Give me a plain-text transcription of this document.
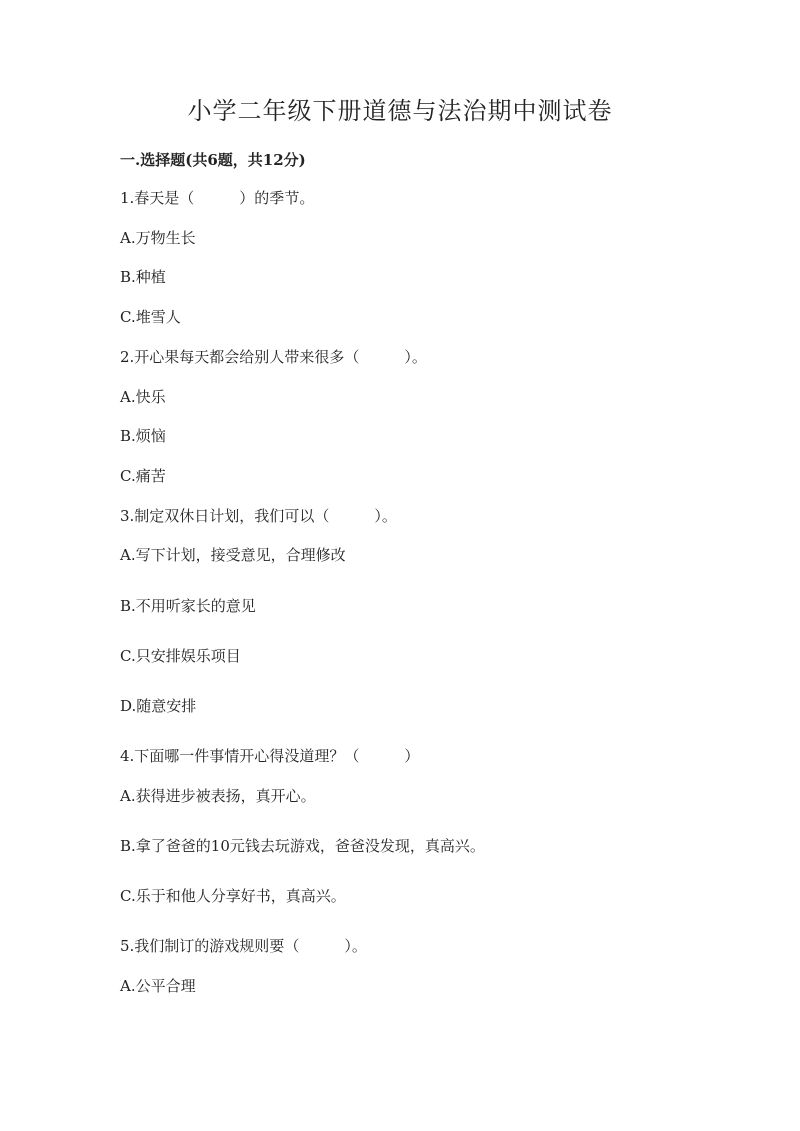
小学二年级下册道德与法治期中测试卷
一.选择题(共6题，共12分)
1.春天是（　　　）的季节。
A.万物生长
B.种植
C.堆雪人
2.开心果每天都会给别人带来很多（　　　）。
A.快乐
B.烦恼
C.痛苦
3.制定双休日计划，我们可以（　　　）。
A.写下计划，接受意见，合理修改
B.不用听家长的意见
C.只安排娱乐项目
D.随意安排
4.下面哪一件事情开心得没道理？（　　　）
A.获得进步被表扬，真开心。
B.拿了爸爸的10元钱去玩游戏，爸爸没发现，真高兴。
C.乐于和他人分享好书，真高兴。
5.我们制订的游戏规则要（　　　）。
A.公平合理
